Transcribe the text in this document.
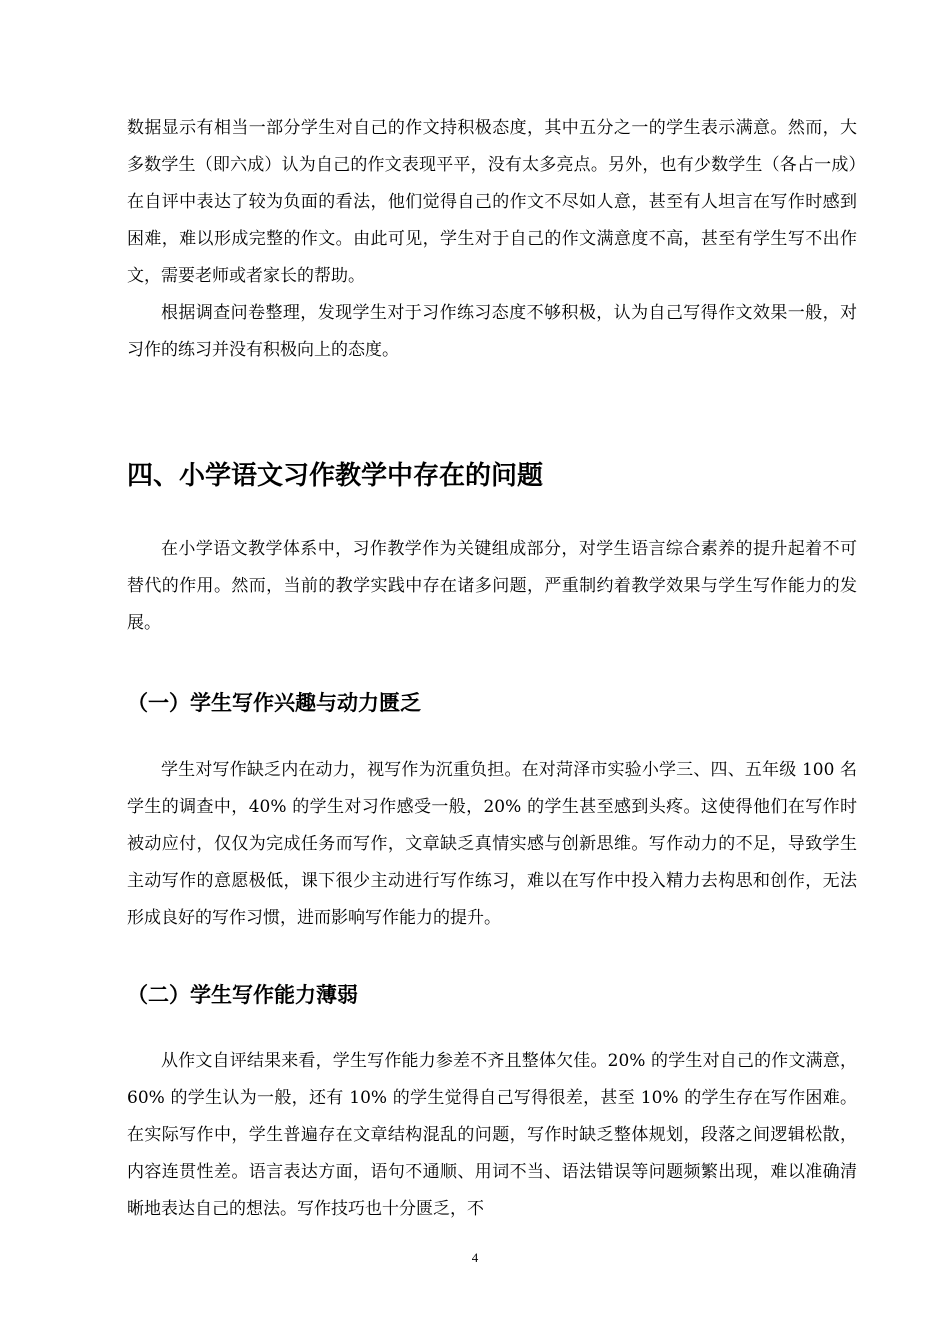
数据显示有相当一部分学生对自己的作文持积极态度，其中五分之一的学生表示满意。然而，大多数学生（即六成）认为自己的作文表现平平，没有太多亮点。另外，也有少数学生（各占一成）在自评中表达了较为负面的看法，他们觉得自己的作文不尽如人意，甚至有人坦言在写作时感到困难，难以形成完整的作文。由此可见，学生对于自己的作文满意度不高，甚至有学生写不出作文，需要老师或者家长的帮助。

根据调查问卷整理，发现学生对于习作练习态度不够积极，认为自己写得作文效果一般，对习作的练习并没有积极向上的态度。

四、小学语文习作教学中存在的问题

在小学语文教学体系中，习作教学作为关键组成部分，对学生语言综合素养的提升起着不可替代的作用。然而，当前的教学实践中存在诸多问题，严重制约着教学效果与学生写作能力的发展。

（一）学生写作兴趣与动力匮乏

学生对写作缺乏内在动力，视写作为沉重负担。在对菏泽市实验小学三、四、五年级 100 名学生的调查中，40% 的学生对习作感受一般，20% 的学生甚至感到头疼。这使得他们在写作时被动应付，仅仅为完成任务而写作，文章缺乏真情实感与创新思维。写作动力的不足，导致学生主动写作的意愿极低，课下很少主动进行写作练习，难以在写作中投入精力去构思和创作，无法形成良好的写作习惯，进而影响写作能力的提升。

（二）学生写作能力薄弱

从作文自评结果来看，学生写作能力参差不齐且整体欠佳。20% 的学生对自己的作文满意，60% 的学生认为一般，还有 10% 的学生觉得自己写得很差，甚至 10% 的学生存在写作困难。在实际写作中，学生普遍存在文章结构混乱的问题，写作时缺乏整体规划，段落之间逻辑松散，内容连贯性差。语言表达方面，语句不通顺、用词不当、语法错误等问题频繁出现，难以准确清晰地表达自己的想法。写作技巧也十分匮乏，不

4
